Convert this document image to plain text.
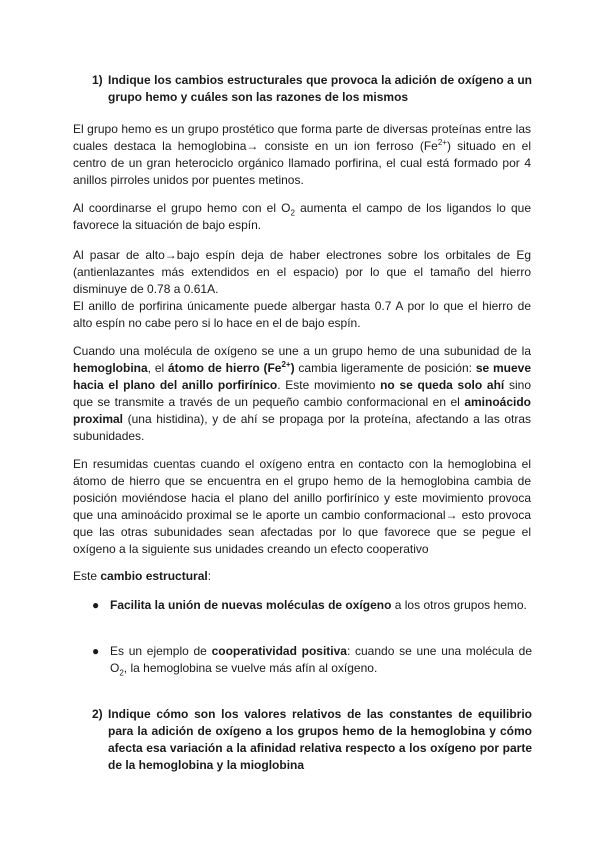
1) Indique los cambios estructurales que provoca la adición de oxígeno a un grupo hemo y cuáles son las razones de los mismos

El grupo hemo es un grupo prostético que forma parte de diversas proteínas entre las cuales destaca la hemoglobina→ consiste en un ion ferroso $(Fe^{2+})$ situado en el centro de un gran heterociclo orgánico llamado porfirina, el cual está formado por 4 anillos pirroles unidos por puentes metinos.

Al coordinarse el grupo hemo con el $O_2$ aumenta el campo de los ligandos lo que favorece la situación de bajo espín.

Al pasar de alto→bajo espín deja de haber electrones sobre los orbitales de Eg (antienlazantes más extendidos en el espacio) por lo que el tamaño del hierro disminuye de 0.78 a 0.61A.

El anillo de porfirina únicamente puede albergar hasta 0.7 A por lo que el hierro de alto espín no cabe pero si lo hace en el de bajo espín.

Cuando una molécula de oxígeno se une a un grupo hemo de una subunidad de la hemoglobina, el átomo de hierro $(Fe^{2+})$ cambia ligeramente de posición: se mueve hacia el plano del anillo porfirínico. Este movimiento no se queda solo ahí sino que se transmite a través de un pequeño cambio conformacional en el aminoácido proximal (una histidina), y de ahí se propaga por la proteína, afectando a las otras subunidades.

En resumidas cuentas cuando el oxígeno entra en contacto con la hemoglobina el átomo de hierro que se encuentra en el grupo hemo de la hemoglobina cambia de posición moviéndose hacia el plano del anillo porfirínico y este movimiento provoca que una aminoácido proximal se le aporte un cambio conformacional→ esto provoca que las otras subunidades sean afectadas por lo que favorece que se pegue el oxígeno a la siguiente sus unidades creando un efecto cooperativo

Este cambio estructural:

● Facilita la unión de nuevas moléculas de oxígeno a los otros grupos hemo.
● Es un ejemplo de cooperatividad positiva: cuando se une una molécula de $O_2$, la hemoglobina se vuelve más afín al oxígeno.
2) Indique cómo son los valores relativos de las constantes de equilibrio para la adición de oxígeno a los grupos hemo de la hemoglobina y cómo afecta esa variación a la afinidad relativa respecto a los oxígeno por parte de la hemoglobina y la mioglobina
